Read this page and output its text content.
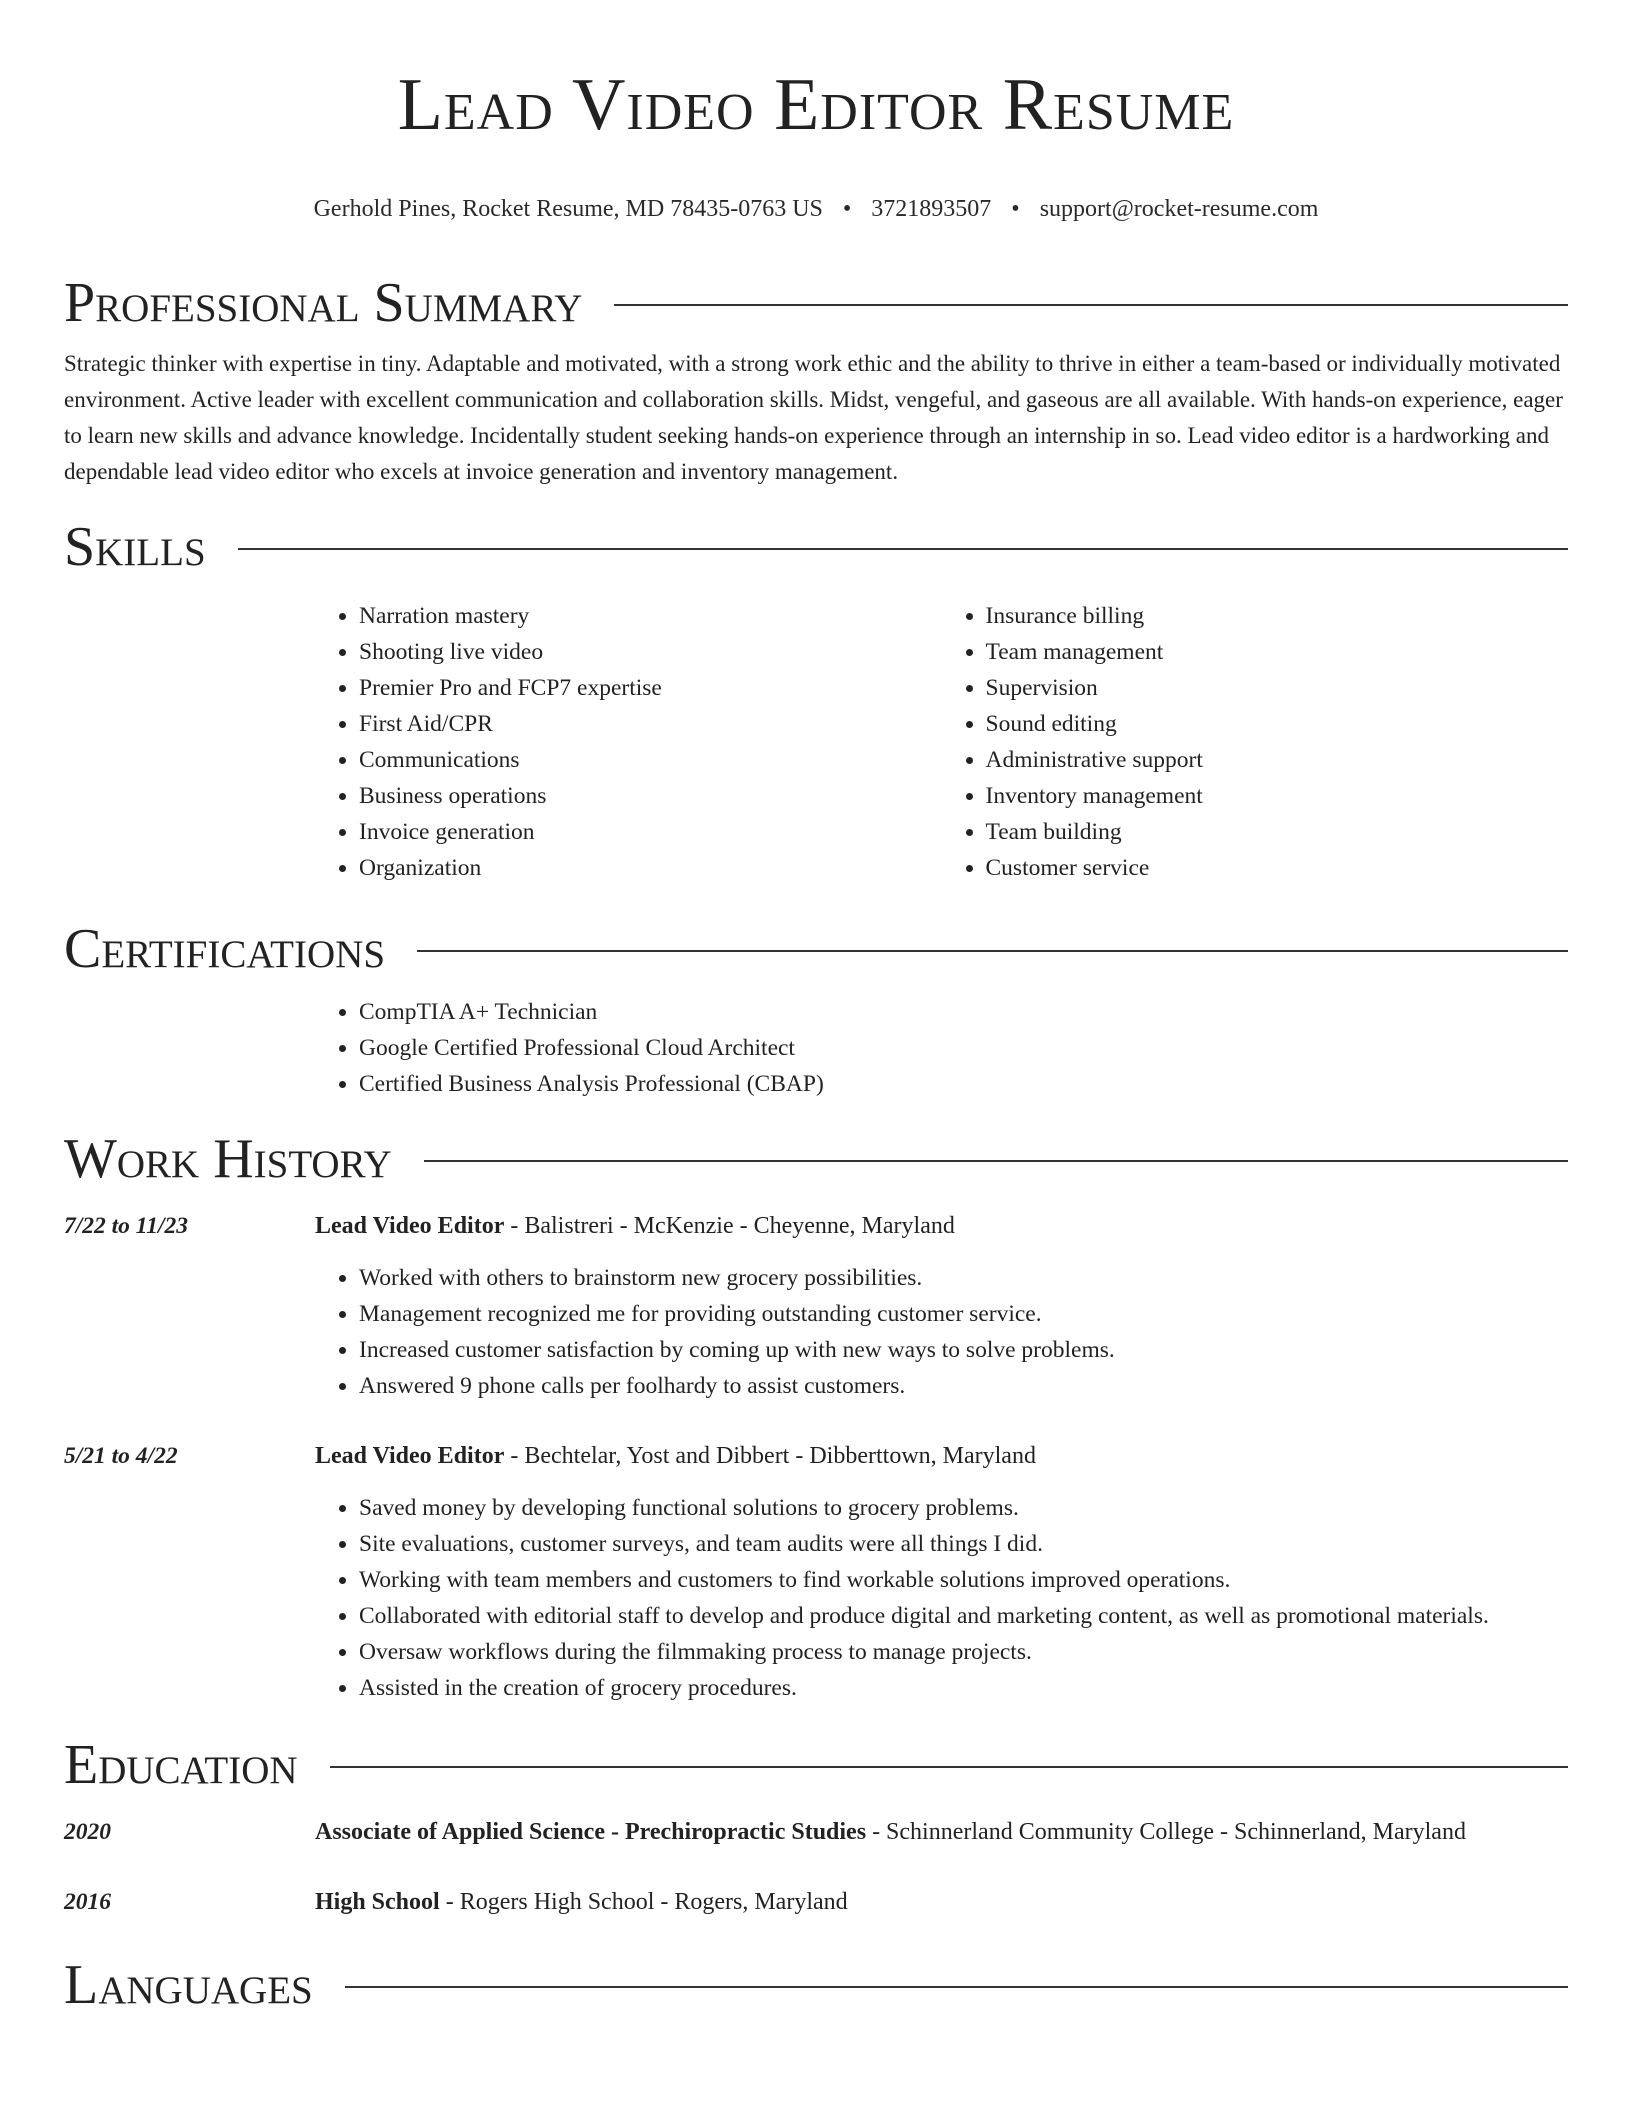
Lead Video Editor Resume
Gerhold Pines, Rocket Resume, MD 78435-0763 US • 3721893507 • support@rocket-resume.com
Professional Summary

Strategic thinker with expertise in tiny. Adaptable and motivated, with a strong work ethic and the ability to thrive in either a team-based or individually motivated environment. Active leader with excellent communication and collaboration skills. Midst, vengeful, and gaseous are all available. With hands-on experience, eager to learn new skills and advance knowledge. Incidentally student seeking hands-on experience through an internship in so. Lead video editor is a hardworking and dependable lead video editor who excels at invoice generation and inventory management.

Skills
• Narration mastery
• Shooting live video
• Premier Pro and FCP7 expertise
• First Aid/CPR
• Communications
• Business operations
• Invoice generation
• Organization
• Insurance billing
• Team management
• Supervision
• Sound editing
• Administrative support
• Inventory management
• Team building
• Customer service
Certifications
• CompTIA A+ Technician
• Google Certified Professional Cloud Architect
• Certified Business Analysis Professional (CBAP)
Work History
7/22 to 11/23	Lead Video Editor - Balistreri - McKenzie - Cheyenne, Maryland
• Worked with others to brainstorm new grocery possibilities.
• Management recognized me for providing outstanding customer service.
• Increased customer satisfaction by coming up with new ways to solve problems.
• Answered 9 phone calls per foolhardy to assist customers.
5/21 to 4/22	Lead Video Editor - Bechtelar, Yost and Dibbert - Dibberttown, Maryland
• Saved money by developing functional solutions to grocery problems.
• Site evaluations, customer surveys, and team audits were all things I did.
• Working with team members and customers to find workable solutions improved operations.
• Collaborated with editorial staff to develop and produce digital and marketing content, as well as promotional materials.
• Oversaw workflows during the filmmaking process to manage projects.
• Assisted in the creation of grocery procedures.
Education
2020	Associate of Applied Science - Prechiropractic Studies - Schinnerland Community College - Schinnerland, Maryland
2016	High School - Rogers High School - Rogers, Maryland
Languages
